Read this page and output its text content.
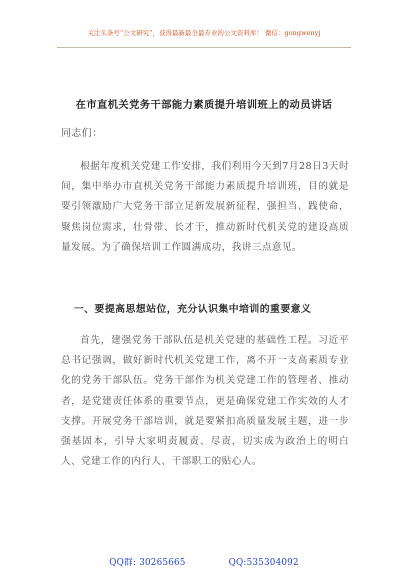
关注头条号“公文研究”，获得最新最全最专业的公文资料库！ 微信：gongwenyj
在市直机关党务干部能力素质提升培训班上的动员讲话
同志们：
根据年度机关党建工作安排，我们利用今天到7月28日3天时间，集中举办市直机关党务干部能力素质提升培训班，目的就是要引领激励广大党务干部立足新发展新征程，强担当、践使命，聚焦岗位需求，壮骨带、长才干，推动新时代机关党的建设高质量发展。为了确保培训工作圆满成功，我讲三点意见。
一、要提高思想站位，充分认识集中培训的重要意义
首先，建强党务干部队伍是机关党建的基础性工程。习近平总书记强调，做好新时代机关党建工作，离不开一支高素质专业化的党务干部队伍。党务干部作为机关党建工作的管理者、推动者，是党建责任体系的重要节点，更是确保党建工作实效的人才支撑。开展党务干部培训，就是要紧扣高质量发展主题，进一步强基固本，引导大家明责履责、尽责，切实成为政治上的明白人、党建工作的内行人、干部职工的贴心人。
QQ群: 30265665	QQ:535304092
